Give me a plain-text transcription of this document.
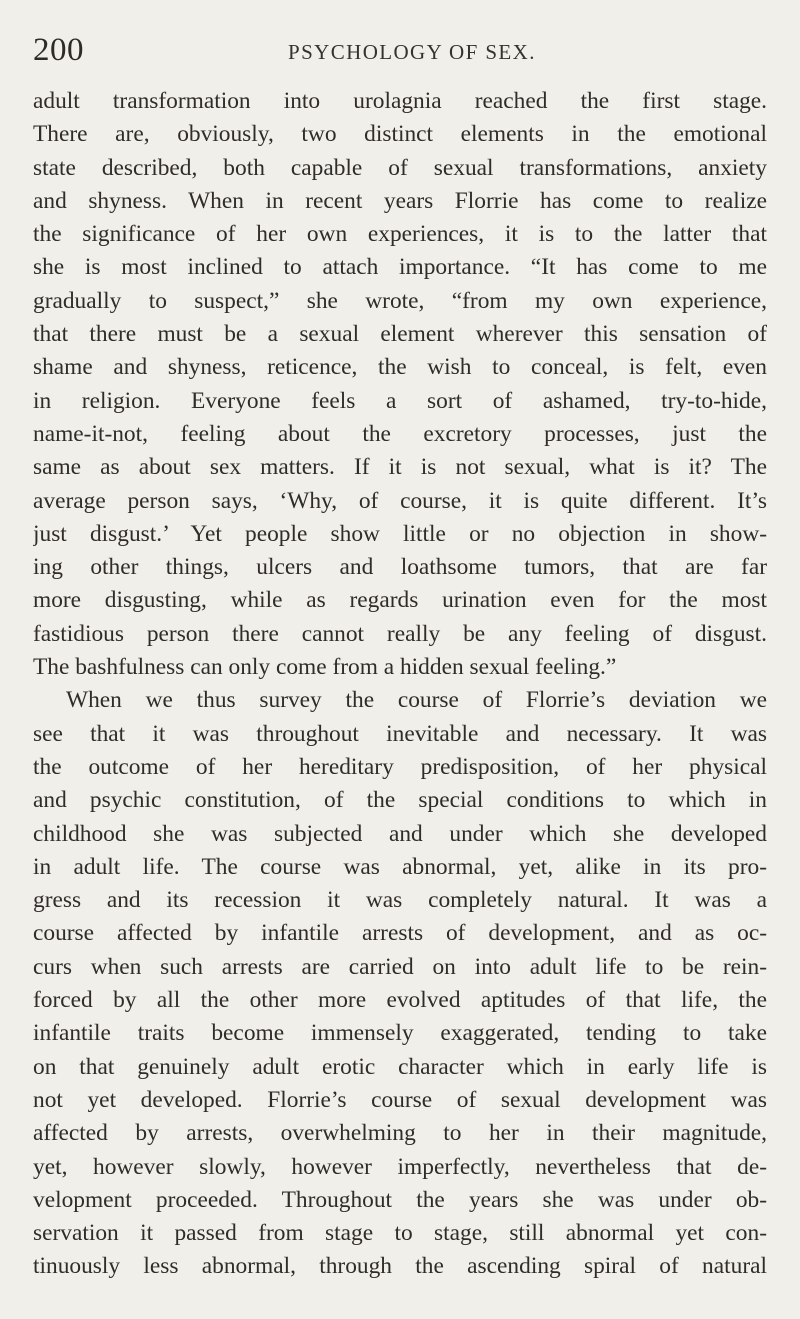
200	PSYCHOLOGY OF SEX.
adult transformation into urolagnia reached the first stage.
There are, obviously, two distinct elements in the emotional
state described, both capable of sexual transformations, anxiety
and shyness. When in recent years Florrie has come to realize
the significance of her own experiences, it is to the latter that
she is most inclined to attach importance. “It has come to me
gradually to suspect,” she wrote, “from my own experience,
that there must be a sexual element wherever this sensation of
shame and shyness, reticence, the wish to conceal, is felt, even
in religion. Everyone feels a sort of ashamed, try-to-hide,
name-it-not, feeling about the excretory processes, just the
same as about sex matters. If it is not sexual, what is it? The
average person says, ‘Why, of course, it is quite different. It’s
just disgust.’ Yet people show little or no objection in show-
ing other things, ulcers and loathsome tumors, that are far
more disgusting, while as regards urination even for the most
fastidious person there cannot really be any feeling of disgust.
The bashfulness can only come from a hidden sexual feeling.”
When we thus survey the course of Florrie’s deviation we
see that it was throughout inevitable and necessary. It was
the outcome of her hereditary predisposition, of her physical
and psychic constitution, of the special conditions to which in
childhood she was subjected and under which she developed
in adult life. The course was abnormal, yet, alike in its pro-
gress and its recession it was completely natural. It was a
course affected by infantile arrests of development, and as oc-
curs when such arrests are carried on into adult life to be rein-
forced by all the other more evolved aptitudes of that life, the
infantile traits become immensely exaggerated, tending to take
on that genuinely adult erotic character which in early life is
not yet developed. Florrie’s course of sexual development was
affected by arrests, overwhelming to her in their magnitude,
yet, however slowly, however imperfectly, nevertheless that de-
velopment proceeded. Throughout the years she was under ob-
servation it passed from stage to stage, still abnormal yet con-
tinuously less abnormal, through the ascending spiral of natural
